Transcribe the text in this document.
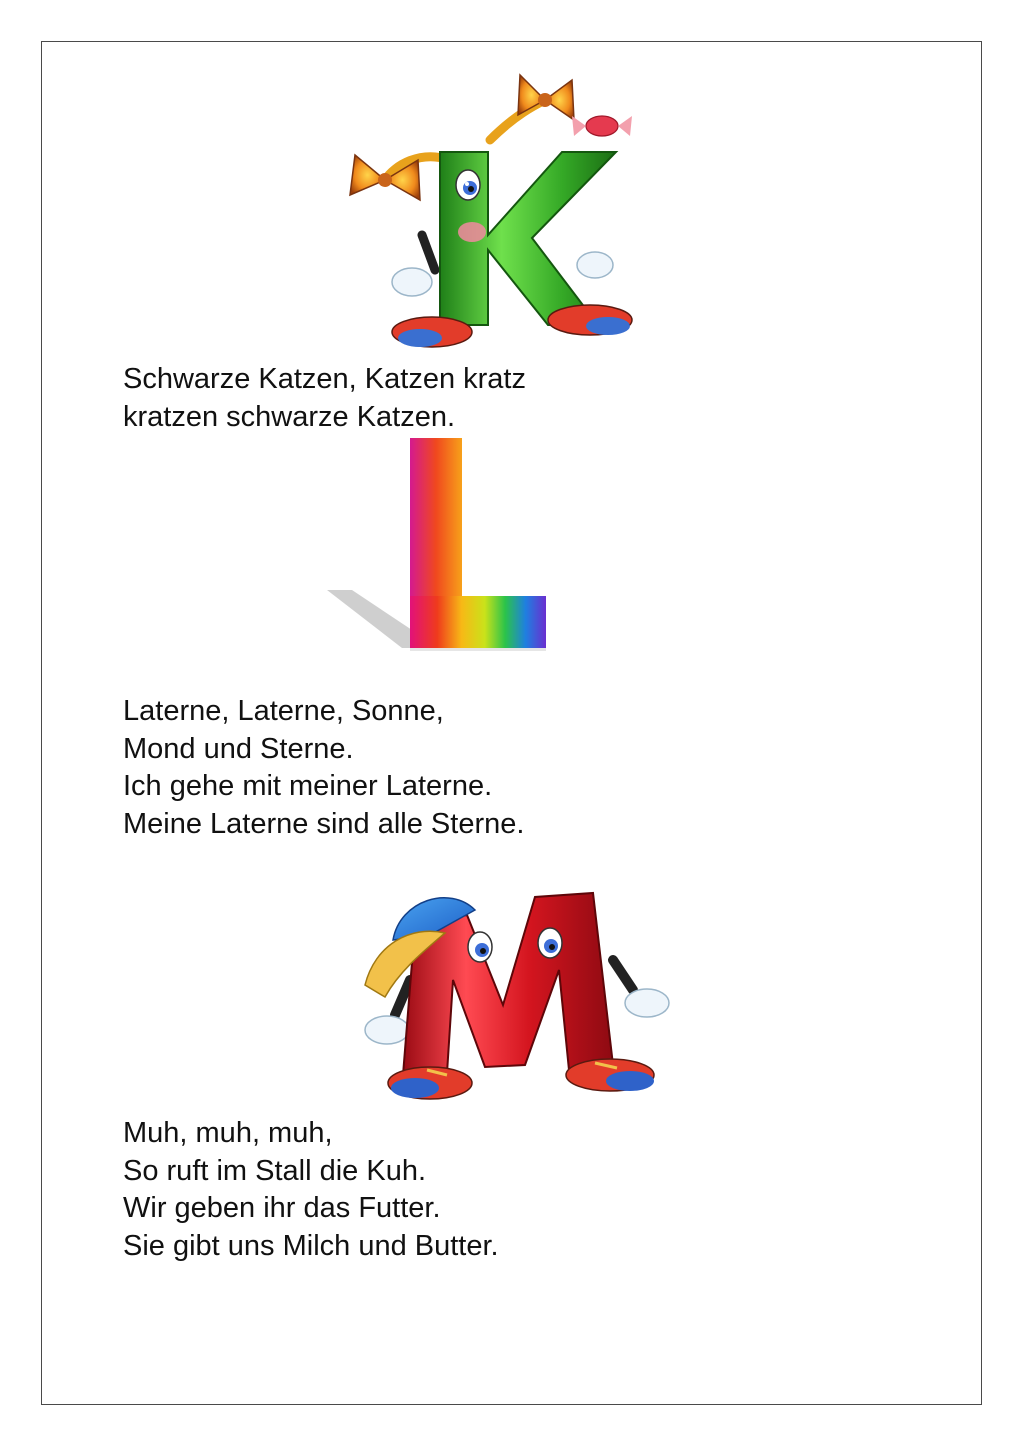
Schwarze Katzen, Katzen kratz
kratzen schwarze Katzen.
Laterne, Laterne, Sonne,
Mond und Sterne.
Ich gehe mit meiner Laterne.
Meine Laterne sind alle Sterne.
Muh, muh, muh,
So ruft im Stall die Kuh.
Wir geben ihr das Futter.
Sie gibt uns Milch und Butter.
